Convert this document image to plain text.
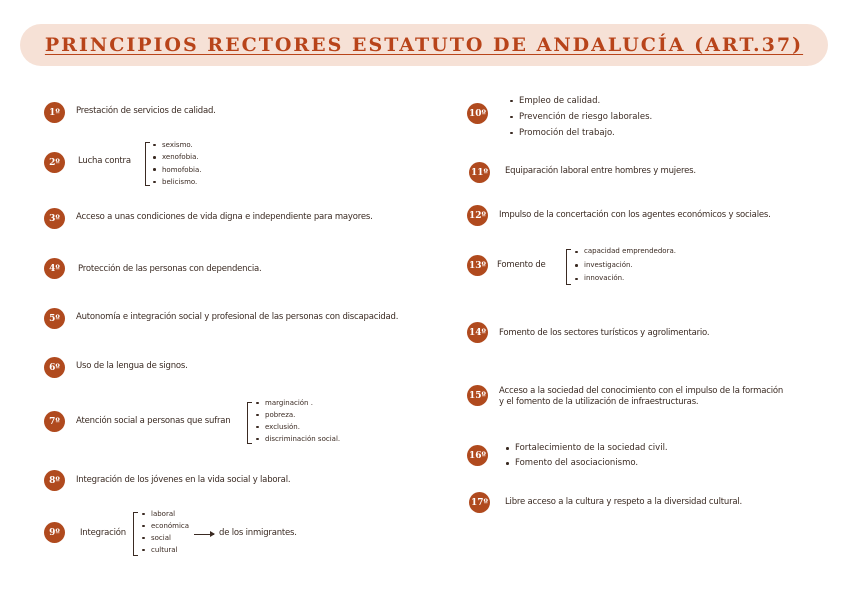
PRINCIPIOS RECTORES ESTATUTO DE ANDALUCÍA (ART.37)
1º	Prestación de servicios de calidad.
2º	Lucha contra
sexismo.
xenofobia.
homofobia.
belicismo.
3º	Acceso a unas condiciones de vida digna e independiente para mayores.
4º	Protección de las personas con dependencia.
5º	Autonomía e integración social y profesional de las personas con discapacidad.
6º	Uso de la lengua de signos.
7º	Atención social a personas que sufran
marginación .
pobreza.
exclusión.
discriminación social.
8º	Integración de los jóvenes en la vida social y laboral.
9º	Integración
laboral
económica
social
cultural
de los inmigrantes.
10º
Empleo de calidad.
Prevención de riesgo laborales.
Promoción del trabajo.
11º Equiparación laboral entre hombres y mujeres.
12º Impulso de la concertación con los agentes económicos y sociales.
13º Fomento de
capacidad emprendedora.
investigación.
innovación.
14º Fomento de los sectores turísticos y agrolimentario.
15º Acceso a la sociedad del conocimiento con el impulso de la formación
y el fomento de la utilización de infraestructuras.
16º
Fortalecimiento de la sociedad civil.
Fomento del asociacionismo.
17º Libre acceso a la cultura y respeto a la diversidad cultural.
